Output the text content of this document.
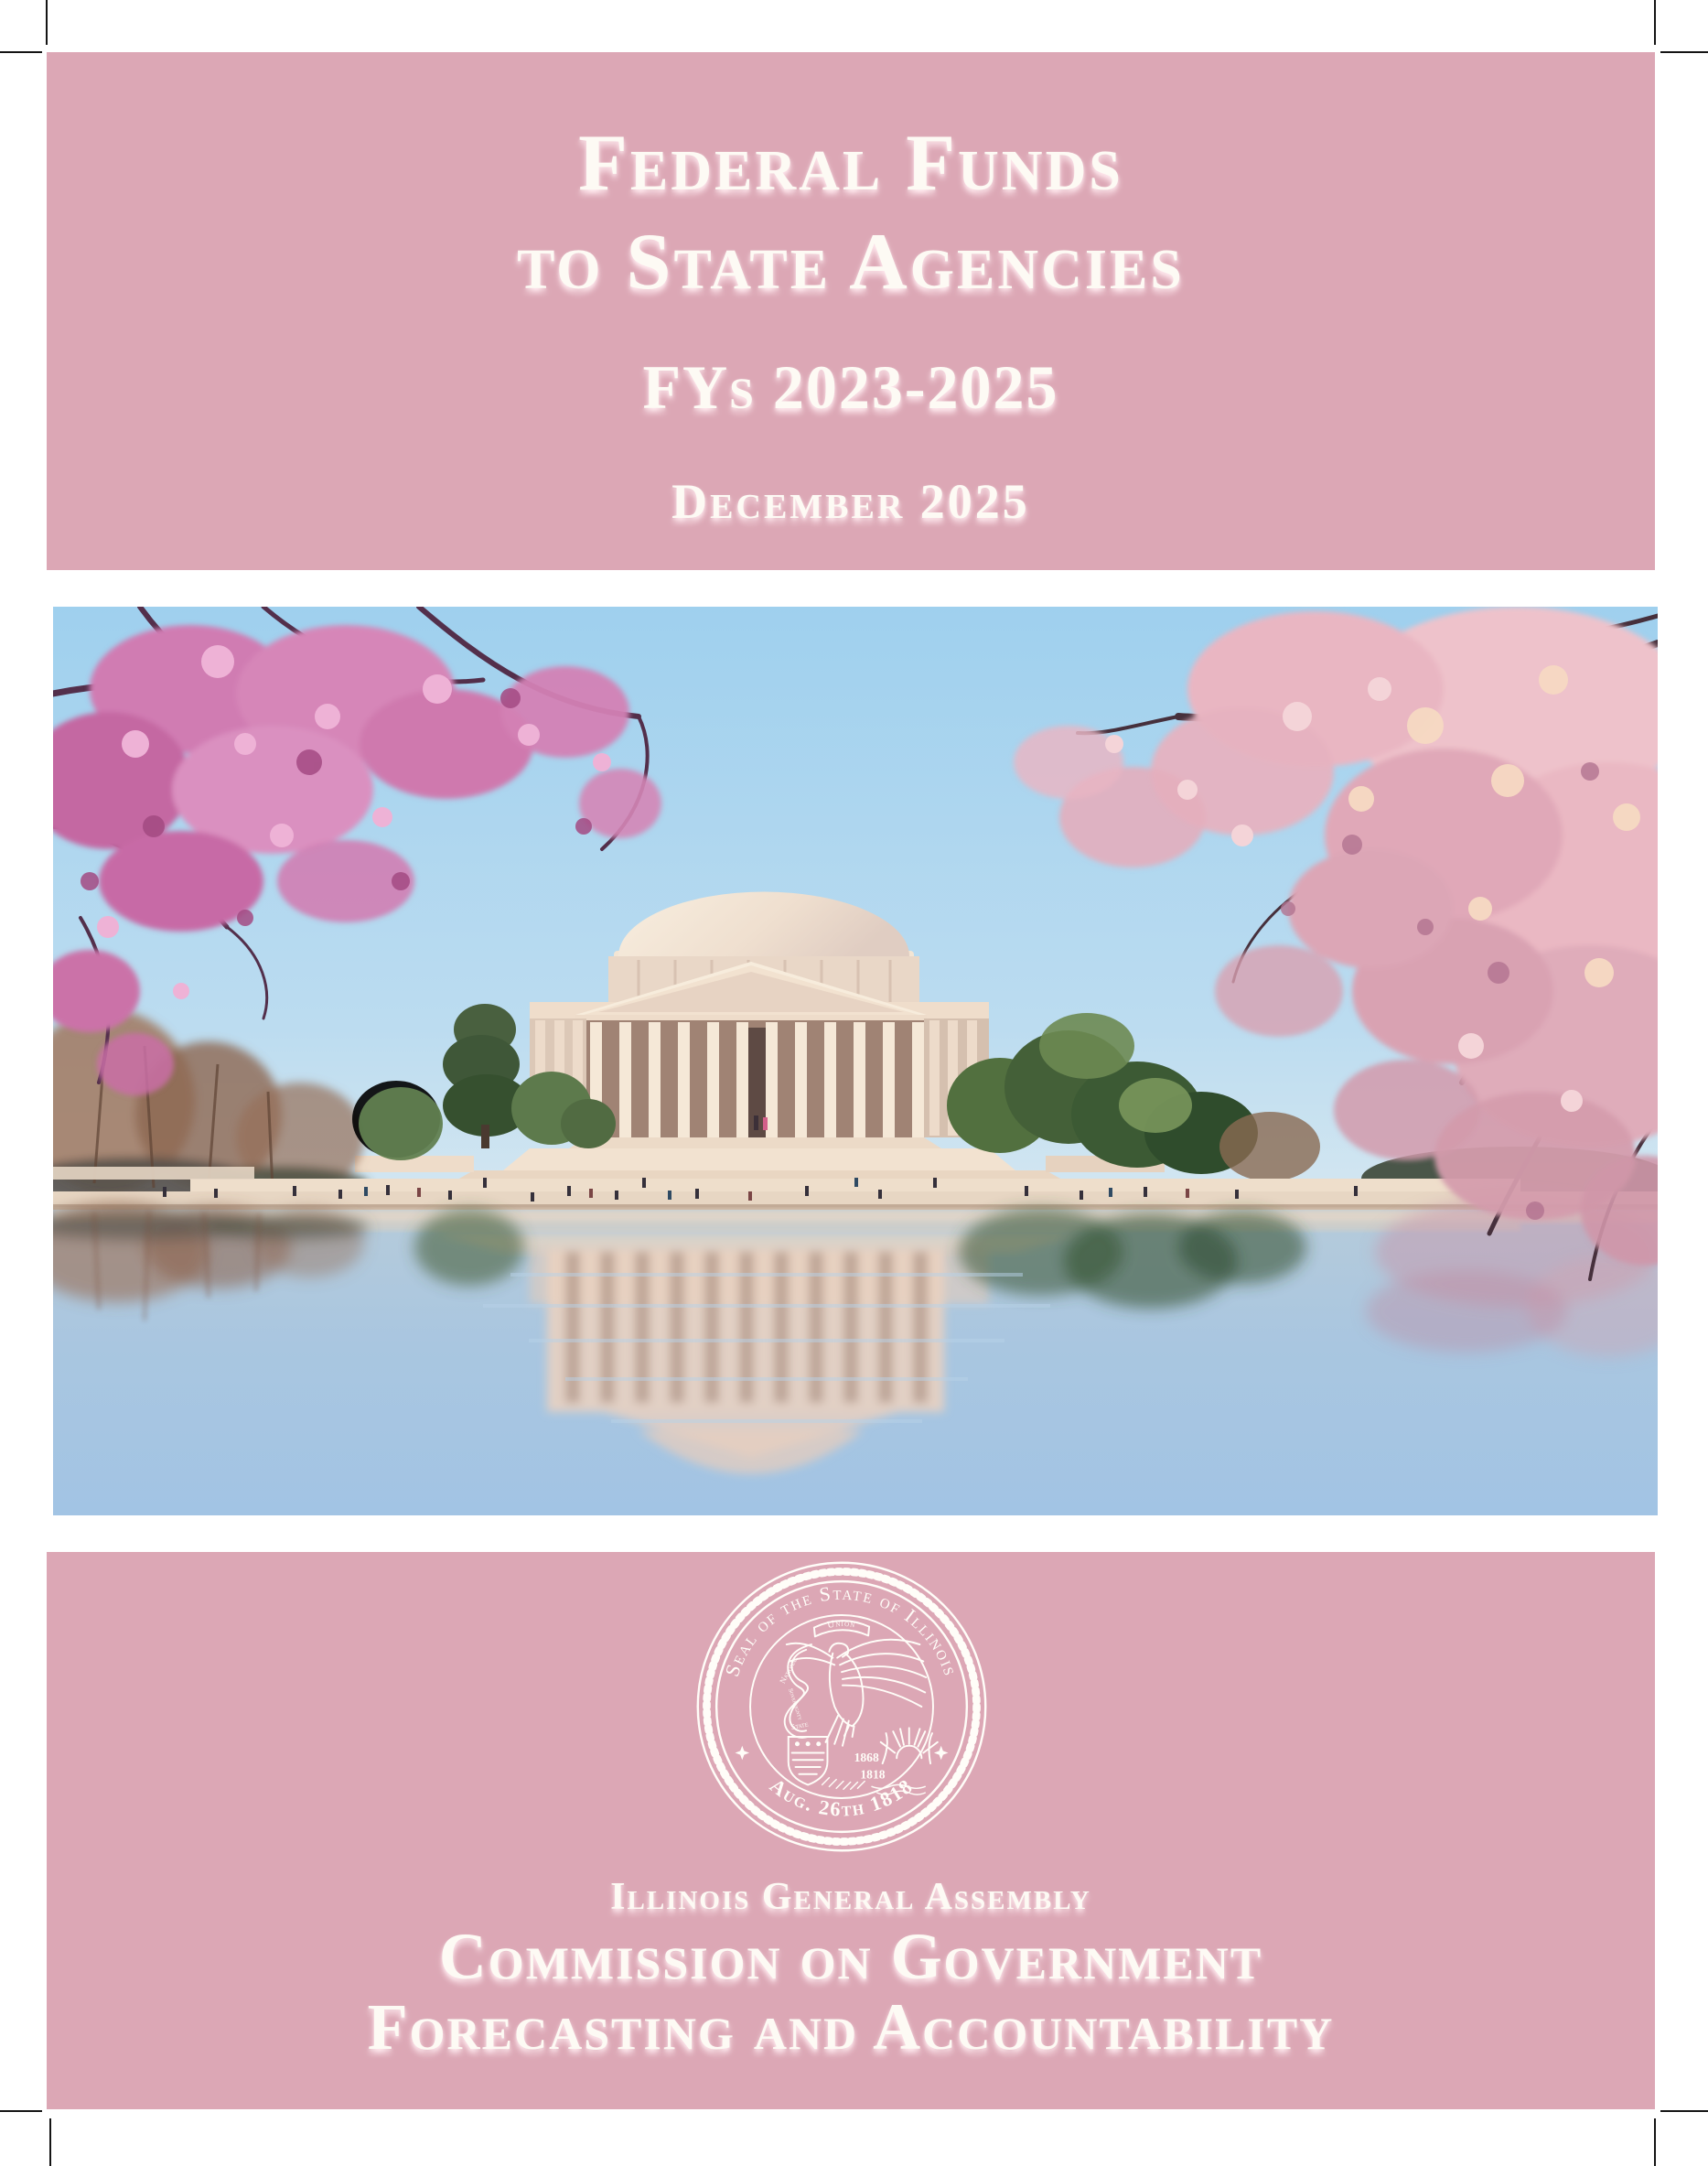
Federal Funds
to State Agencies
FYs 2023-2025
December 2025
Seal of the State of Illinois
Aug. 26th 1818
Union
National
Sovereignty
State
1868
1818
Illinois General Assembly
Commission on Government
Forecasting and Accountability
